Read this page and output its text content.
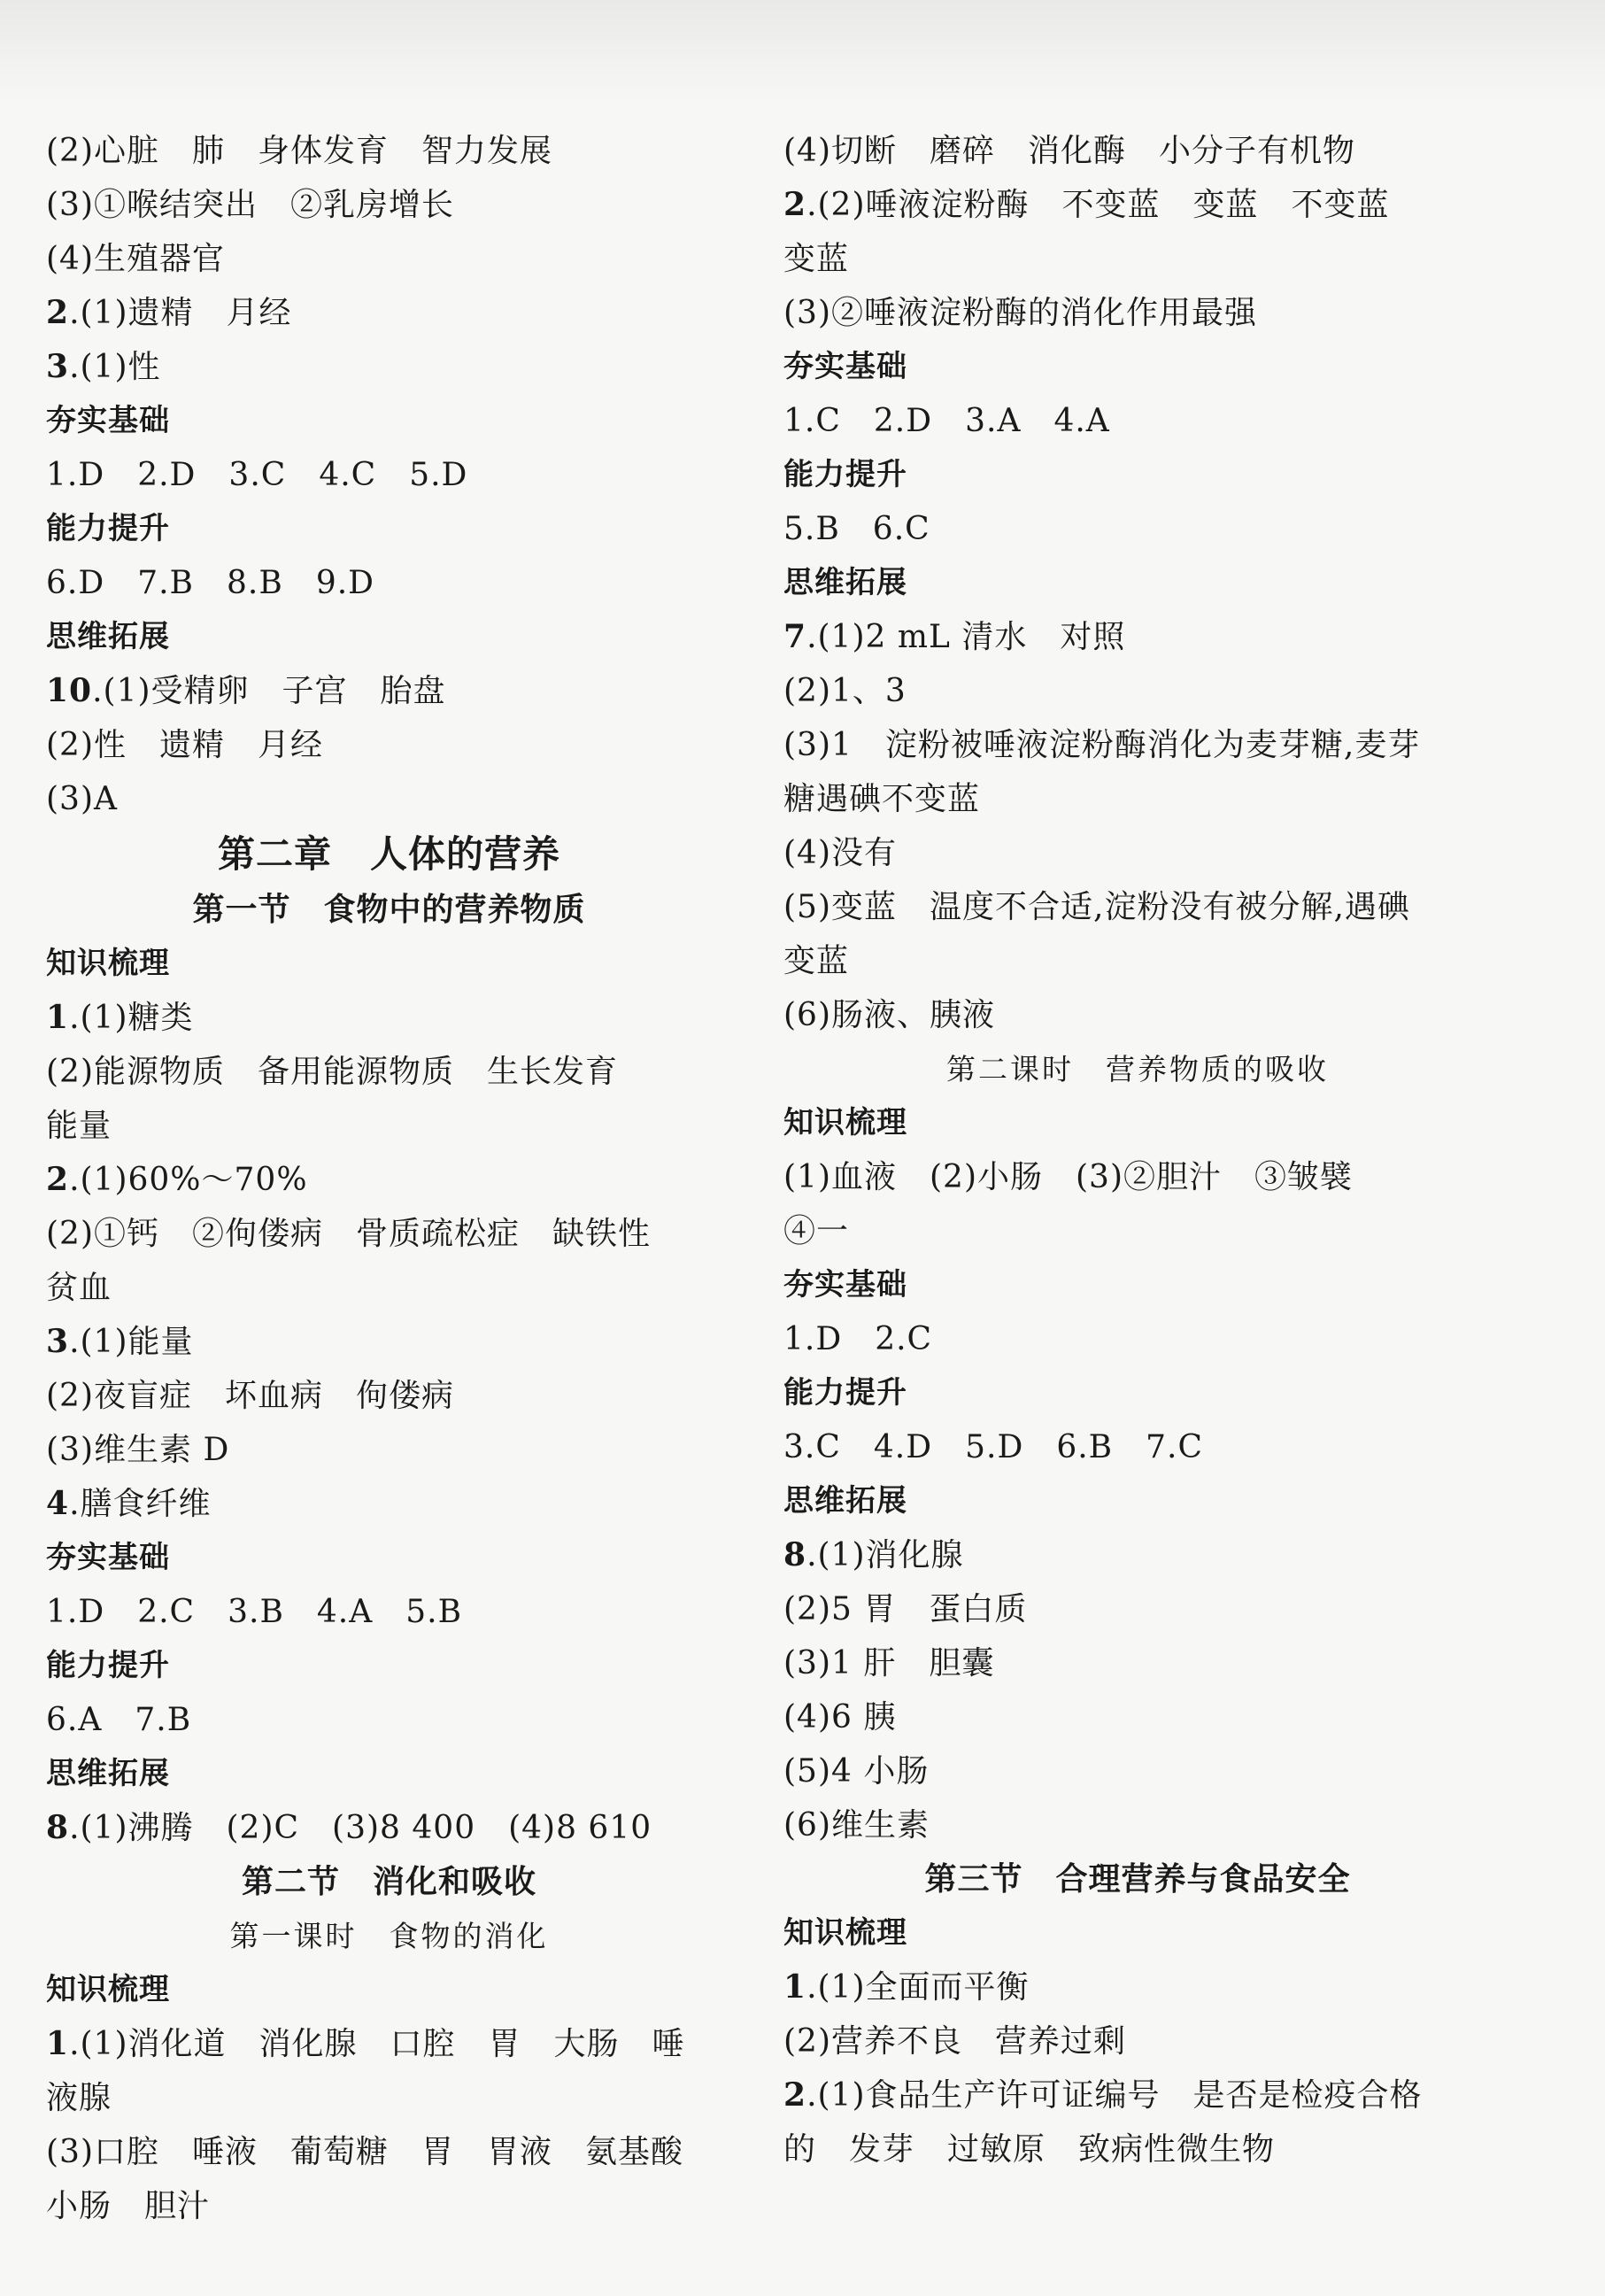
(2)心脏　肺　身体发育　智力发展
(3)①喉结突出　②乳房增长
(4)生殖器官
2.(1)遗精　月经
3.(1)性
夯实基础
1.D　2.D　3.C　4.C　5.D
能力提升
6.D　7.B　8.B　9.D
思维拓展
10.(1)受精卵　子宫　胎盘
(2)性　遗精　月经
(3)A
第二章　人体的营养
第一节　食物中的营养物质
知识梳理
1.(1)糖类
(2)能源物质　备用能源物质　生长发育
能量
2.(1)60%～70%
(2)①钙　②佝偻病　骨质疏松症　缺铁性
贫血
3.(1)能量
(2)夜盲症　坏血病　佝偻病
(3)维生素 D
4.膳食纤维
夯实基础
1.D　2.C　3.B　4.A　5.B
能力提升
6.A　7.B
思维拓展
8.(1)沸腾　(2)C　(3)8 400　(4)8 610
第二节　消化和吸收
第一课时　食物的消化
知识梳理
1.(1)消化道　消化腺　口腔　胃　大肠　唾
液腺
(3)口腔　唾液　葡萄糖　胃　胃液　氨基酸
小肠　胆汁
(4)切断　磨碎　消化酶　小分子有机物
2.(2)唾液淀粉酶　不变蓝　变蓝　不变蓝
变蓝
(3)②唾液淀粉酶的消化作用最强
夯实基础
1.C　2.D　3.A　4.A
能力提升
5.B　6.C
思维拓展
7.(1)2 mL 清水　对照
(2)1、3
(3)1　淀粉被唾液淀粉酶消化为麦芽糖,麦芽
糖遇碘不变蓝
(4)没有
(5)变蓝　温度不合适,淀粉没有被分解,遇碘
变蓝
(6)肠液、胰液
第二课时　营养物质的吸收
知识梳理
(1)血液　(2)小肠　(3)②胆汁　③皱襞
④一
夯实基础
1.D　2.C
能力提升
3.C　4.D　5.D　6.B　7.C
思维拓展
8.(1)消化腺
(2)5 胃　蛋白质
(3)1 肝　胆囊
(4)6 胰
(5)4 小肠
(6)维生素
第三节　合理营养与食品安全
知识梳理
1.(1)全面而平衡
(2)营养不良　营养过剩
2.(1)食品生产许可证编号　是否是检疫合格
的　发芽　过敏原　致病性微生物
